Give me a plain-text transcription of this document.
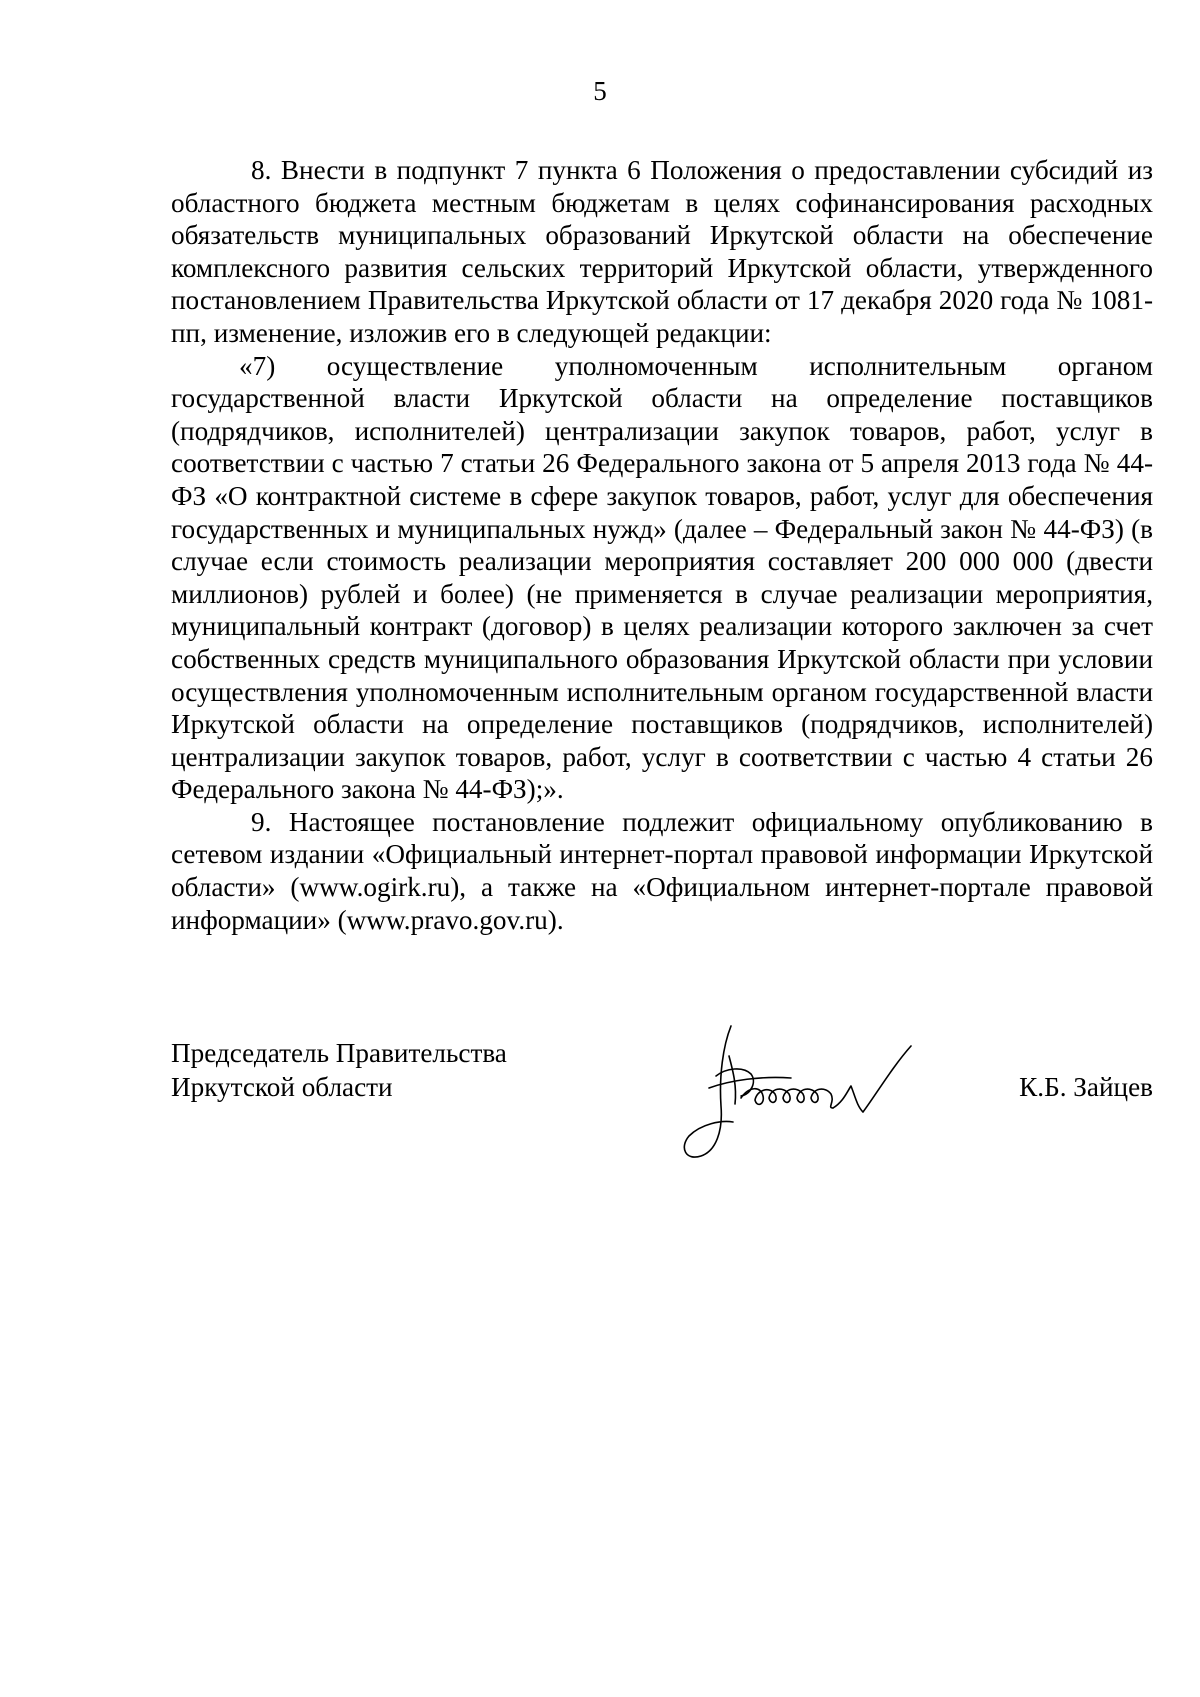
5

8. Внести в подпункт 7 пункта 6 Положения о предоставлении субсидий из областного бюджета местным бюджетам в целях софинансирования расходных обязательств муниципальных образований Иркутской области на обеспечение комплексного развития сельских территорий Иркутской области, утвержденного постановлением Правительства Иркутской области от 17 декабря 2020 года № 1081-пп, изменение, изложив его в следующей редакции:

«7) осуществление уполномоченным исполнительным органом государственной власти Иркутской области на определение поставщиков (подрядчиков, исполнителей) централизации закупок товаров, работ, услуг в соответствии с частью 7 статьи 26 Федерального закона от 5 апреля 2013 года № 44-ФЗ «О контрактной системе в сфере закупок товаров, работ, услуг для обеспечения государственных и муниципальных нужд» (далее – Федеральный закон № 44-ФЗ) (в случае если стоимость реализации мероприятия составляет 200 000 000 (двести миллионов) рублей и более) (не применяется в случае реализации мероприятия, муниципальный контракт (договор) в целях реализации которого заключен за счет собственных средств муниципального образования Иркутской области при условии осуществления уполномоченным исполнительным органом государственной власти Иркутской области на определение поставщиков (подрядчиков, исполнителей) централизации закупок товаров, работ, услуг в соответствии с частью 4 статьи 26 Федерального закона № 44-ФЗ);».

9. Настоящее постановление подлежит официальному опубликованию в сетевом издании «Официальный интернет-портал правовой информации Иркутской области» (www.ogirk.ru), а также на «Официальном интернет-портале правовой информации» (www.pravo.gov.ru).

Председатель Правительства
Иркутской области	К.Б. Зайцев
